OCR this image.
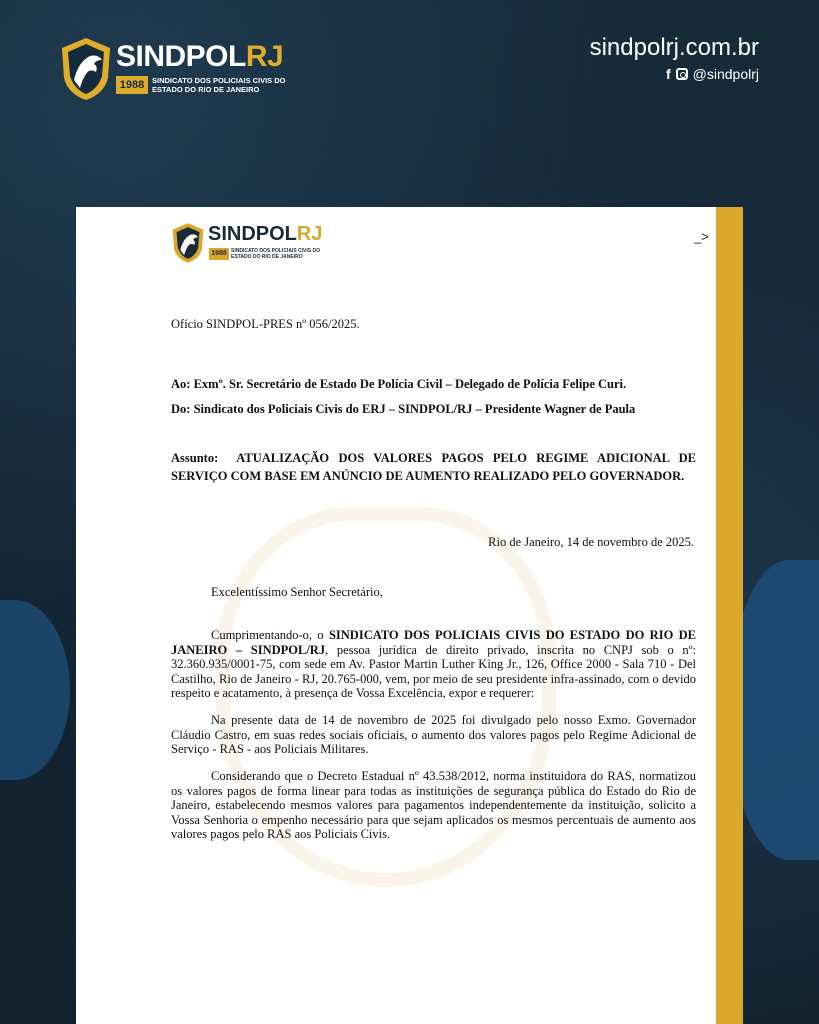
SINDPOLRJ
1988	SINDICATO DOS POLICIAIS CIVIS DO ESTADO DO RIO DE JANEIRO
sindpolrj.com.br
f @sindpolrj
SINDPOLRJ
1988 SINDICATO DOS POLICIAIS CIVIS DO ESTADO DO RIO DE JANEIRO
_>
Ofício SINDPOL-PRES nº 056/2025.
Ao: Exmº. Sr. Secretário de Estado De Polícia Civil – Delegado de Polícia Felipe Curi.
Do: Sindicato dos Policiais Civis do ERJ – SINDPOL/RJ – Presidente Wagner de Paula
Assunto: ATUALIZAÇÃO DOS VALORES PAGOS PELO REGIME ADICIONAL DE SERVIÇO COM BASE EM ANÚNCIO DE AUMENTO REALIZADO PELO GOVERNADOR.
Rio de Janeiro, 14 de novembro de 2025.
Excelentíssimo Senhor Secretário,
Cumprimentando-o, o SINDICATO DOS POLICIAIS CIVIS DO ESTADO DO RIO DE JANEIRO – SINDPOL/RJ, pessoa jurídica de direito privado, inscrita no CNPJ sob o nº: 32.360.935/0001-75, com sede em Av. Pastor Martin Luther King Jr., 126, Office 2000 - Sala 710 - Del Castilho, Rio de Janeiro - RJ, 20.765-000, vem, por meio de seu presidente infra-assinado, com o devido respeito e acatamento, à presença de Vossa Excelência, expor e requerer:
Na presente data de 14 de novembro de 2025 foi divulgado pelo nosso Exmo. Governador Cláudio Castro, em suas redes sociais oficiais, o aumento dos valores pagos pelo Regime Adicional de Serviço - RAS - aos Policiais Militares.
Considerando que o Decreto Estadual nº 43.538/2012, norma instituidora do RAS, normatizou os valores pagos de forma linear para todas as instituições de segurança pública do Estado do Rio de Janeiro, estabelecendo mesmos valores para pagamentos independentemente da instituição, solicito a Vossa Senhoria o empenho necessário para que sejam aplicados os mesmos percentuais de aumento aos valores pagos pelo RAS aos Policiais Civis.
